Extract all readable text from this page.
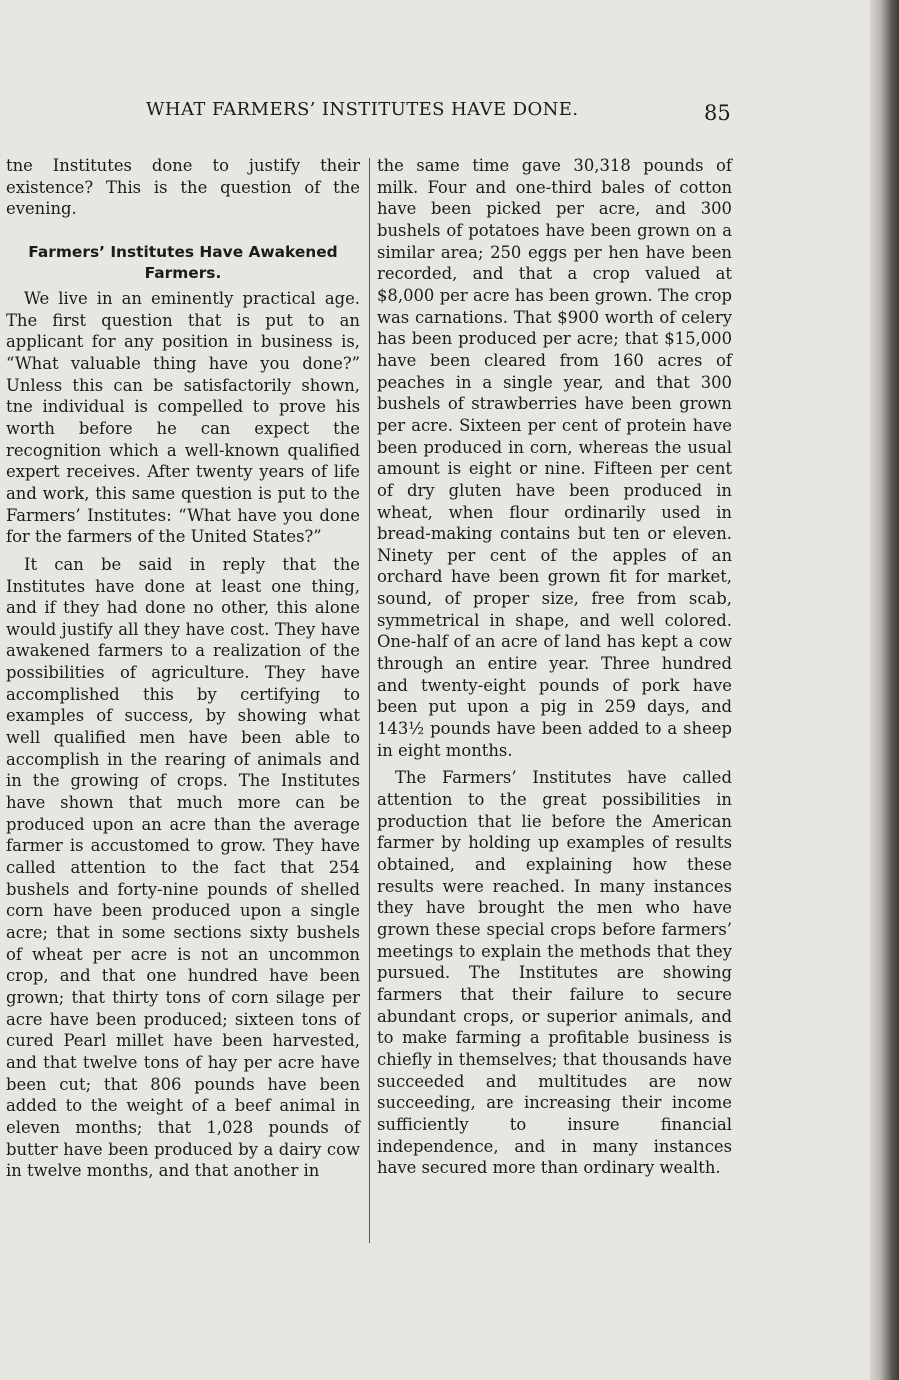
WHAT FARMERS’ INSTITUTES HAVE DONE.	85

tne Institutes done to justify their existence? This is the question of the evening.

Farmers’ Institutes Have Awakened Farmers.

We live in an eminently practical age. The first question that is put to an applicant for any position in business is, “What valuable thing have you done?” Unless this can be satisfactorily shown, tne individual is compelled to prove his worth before he can expect the recognition which a well-known qualified expert receives. After twenty years of life and work, this same question is put to the Farmers’ Institutes: “What have you done for the farmers of the United States?”

It can be said in reply that the Institutes have done at least one thing, and if they had done no other, this alone would justify all they have cost. They have awakened farmers to a realization of the possibilities of agriculture. They have accomplished this by certifying to examples of success, by showing what well qualified men have been able to accomplish in the rearing of animals and in the growing of crops. The Institutes have shown that much more can be produced upon an acre than the average farmer is accustomed to grow. They have called attention to the fact that 254 bushels and forty-nine pounds of shelled corn have been produced upon a single acre; that in some sections sixty bushels of wheat per acre is not an uncommon crop, and that one hundred have been grown; that thirty tons of corn silage per acre have been produced; sixteen tons of cured Pearl millet have been harvested, and that twelve tons of hay per acre have been cut; that 806 pounds have been added to the weight of a beef animal in eleven months; that 1,028 pounds of butter have been produced by a dairy cow in twelve months, and that another in

the same time gave 30,318 pounds of milk. Four and one-third bales of cotton have been picked per acre, and 300 bushels of potatoes have been grown on a similar area; 250 eggs per hen have been recorded, and that a crop valued at $8,000 per acre has been grown. The crop was carnations. That $900 worth of celery has been produced per acre; that $15,000 have been cleared from 160 acres of peaches in a single year, and that 300 bushels of strawberries have been grown per acre. Sixteen per cent of protein have been produced in corn, whereas the usual amount is eight or nine. Fifteen per cent of dry gluten have been produced in wheat, when flour ordinarily used in bread-making contains but ten or eleven. Ninety per cent of the apples of an orchard have been grown fit for market, sound, of proper size, free from scab, symmetrical in shape, and well colored. One-half of an acre of land has kept a cow through an entire year. Three hundred and twenty-eight pounds of pork have been put upon a pig in 259 days, and 143½ pounds have been added to a sheep in eight months.

The Farmers’ Institutes have called attention to the great possibilities in production that lie before the American farmer by holding up examples of results obtained, and explaining how these results were reached. In many instances they have brought the men who have grown these special crops before farmers’ meetings to explain the methods that they pursued. The Institutes are showing farmers that their failure to secure abundant crops, or superior animals, and to make farming a profitable business is chiefly in themselves; that thousands have succeeded and multitudes are now succeeding, are increasing their income sufficiently to insure financial independence, and in many instances have secured more than ordinary wealth.
